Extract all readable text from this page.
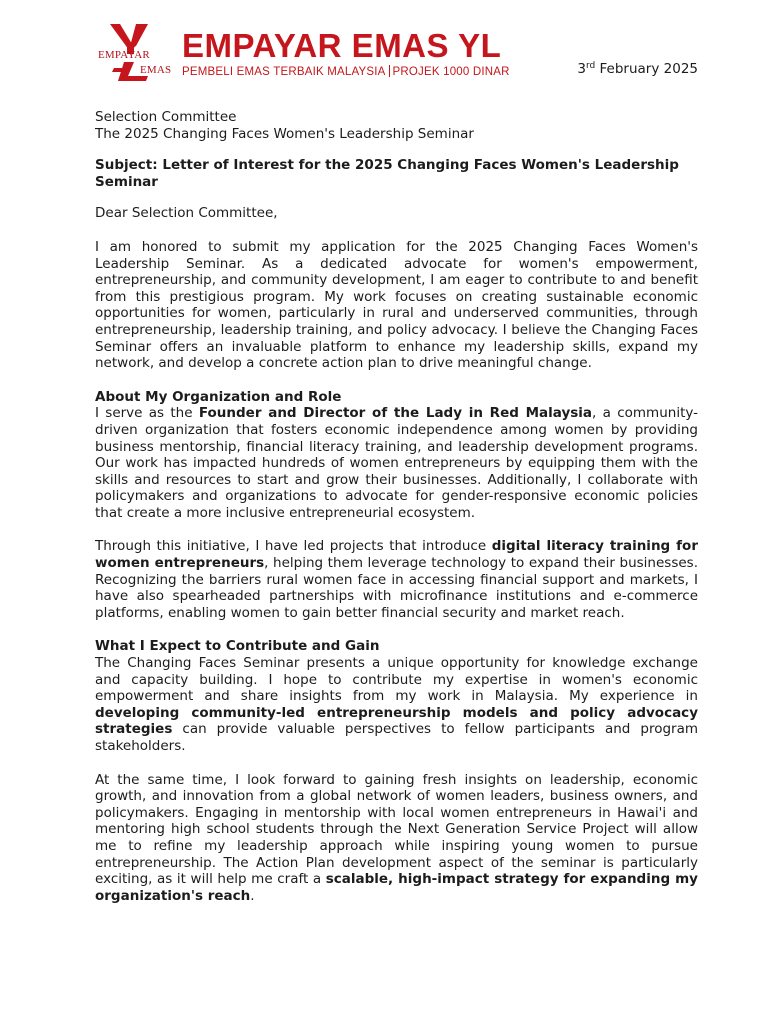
EMPAYAR
EMAS
EMPAYAR EMAS YL
PEMBELI EMAS TERBAIK MALAYSIA PROJEK 1000 DINAR	3rd February 2025

Selection Committee

The 2025 Changing Faces Women's Leadership Seminar

Subject: Letter of Interest for the 2025 Changing Faces Women's Leadership Seminar

Dear Selection Committee,

I am honored to submit my application for the 2025 Changing Faces Women's Leadership Seminar. As a dedicated advocate for women's empowerment, entrepreneurship, and community development, I am eager to contribute to and benefit from this prestigious program. My work focuses on creating sustainable economic opportunities for women, particularly in rural and underserved communities, through entrepreneurship, leadership training, and policy advocacy. I believe the Changing Faces Seminar offers an invaluable platform to enhance my leadership skills, expand my network, and develop a concrete action plan to drive meaningful change.

About My Organization and Role

I serve as the Founder and Director of the Lady in Red Malaysia, a community-driven organization that fosters economic independence among women by providing business mentorship, financial literacy training, and leadership development programs. Our work has impacted hundreds of women entrepreneurs by equipping them with the skills and resources to start and grow their businesses. Additionally, I collaborate with policymakers and organizations to advocate for gender-responsive economic policies that create a more inclusive entrepreneurial ecosystem.

Through this initiative, I have led projects that introduce digital literacy training for women entrepreneurs, helping them leverage technology to expand their businesses. Recognizing the barriers rural women face in accessing financial support and markets, I have also spearheaded partnerships with microfinance institutions and e-commerce platforms, enabling women to gain better financial security and market reach.

What I Expect to Contribute and Gain

The Changing Faces Seminar presents a unique opportunity for knowledge exchange and capacity building. I hope to contribute my expertise in women's economic empowerment and share insights from my work in Malaysia. My experience in developing community-led entrepreneurship models and policy advocacy strategies can provide valuable perspectives to fellow participants and program stakeholders.

At the same time, I look forward to gaining fresh insights on leadership, economic growth, and innovation from a global network of women leaders, business owners, and policymakers. Engaging in mentorship with local women entrepreneurs in Hawai'i and mentoring high school students through the Next Generation Service Project will allow me to refine my leadership approach while inspiring young women to pursue entrepreneurship. The Action Plan development aspect of the seminar is particularly exciting, as it will help me craft a scalable, high-impact strategy for expanding my organization's reach.
